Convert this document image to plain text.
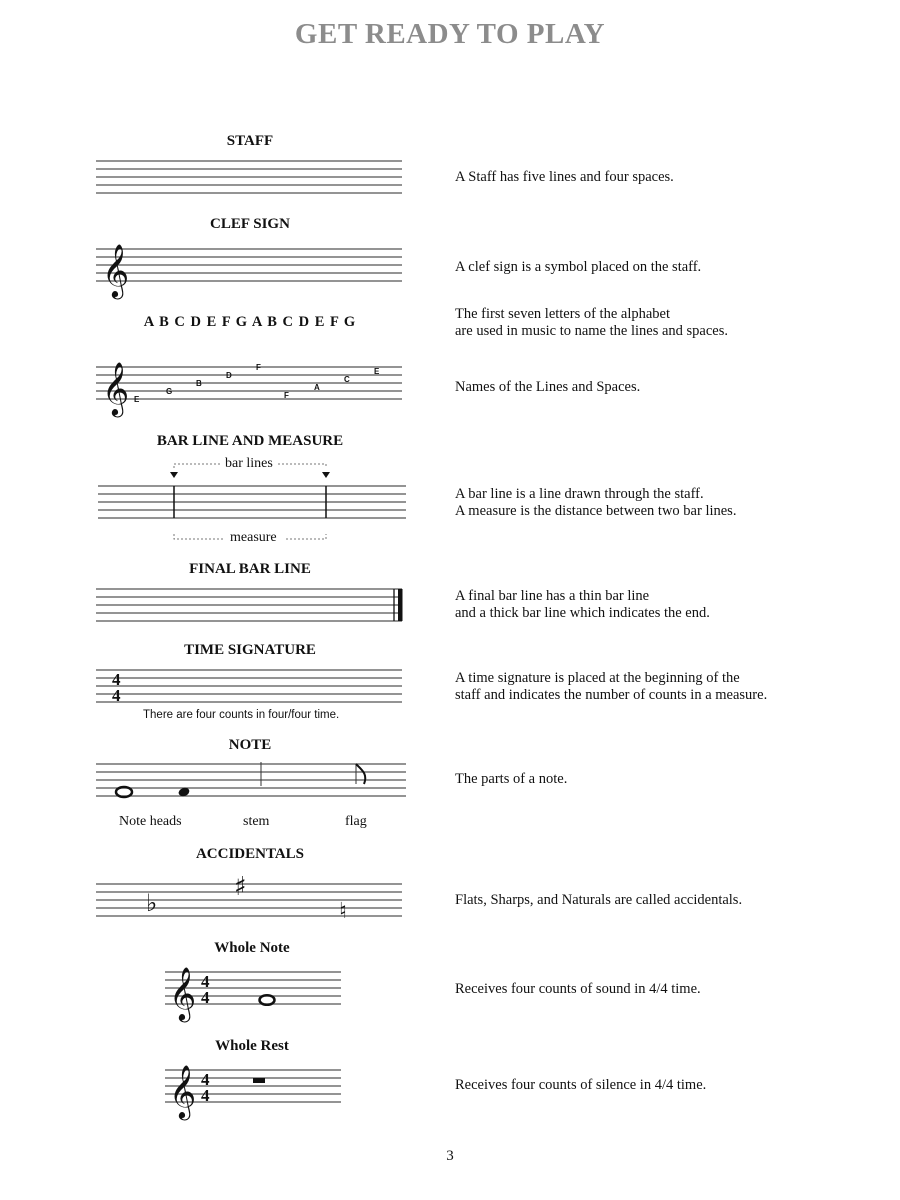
GET READY TO PLAY
STAFF
A Staff has five lines and four spaces.
CLEF SIGN
𝄞	A clef sign is a symbol placed on the staff.
A B C D E F G A B C D E F G	The first seven letters of the alphabet
are used in music to name the lines and spaces.
𝄞 E
G
B
D
F
F
A
C
E
Names of the Lines and Spaces.
BAR LINE AND MEASURE
bar lines
measure
A bar line is a line drawn through the staff.
A measure is the distance between two bar lines.
FINAL BAR LINE
A final bar line has a thin bar line
and a thick bar line which indicates the end.
TIME SIGNATURE
4
4
There are four counts in four/four time.
A time signature is placed at the beginning of the
staff and indicates the number of counts in a measure.
NOTE
Note heads	stem	flag
The parts of a note.
ACCIDENTALS
♭
♯
♮	Flats, Sharps, and Naturals are called accidentals.
Whole Note
𝄞 4
4	Receives four counts of sound in 4/4 time.
Whole Rest
𝄞 4
4
Receives four counts of silence in 4/4 time.
3
